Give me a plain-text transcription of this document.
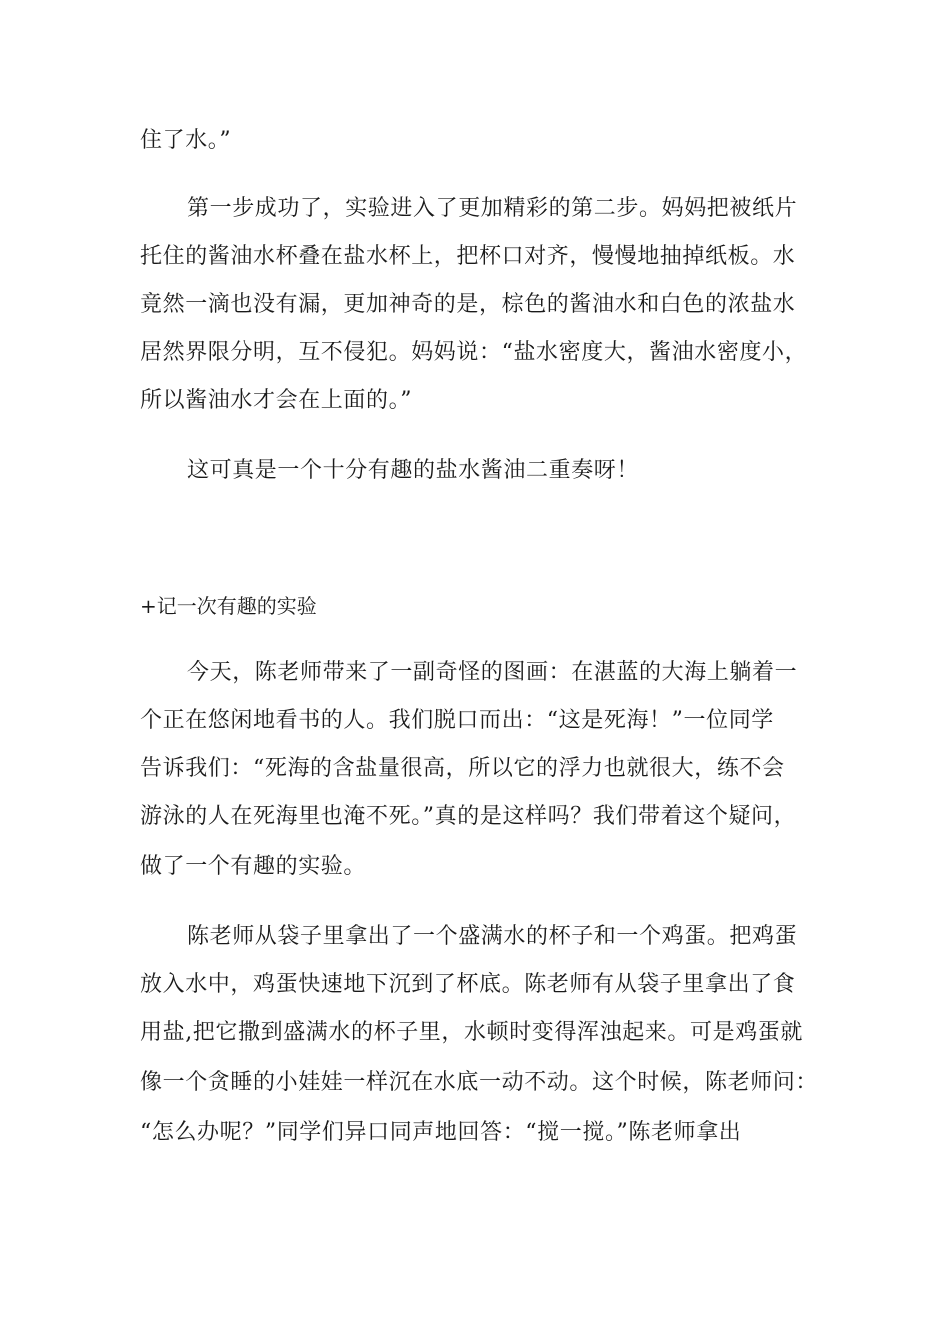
住了水。”
第一步成功了，实验进入了更加精彩的第二步。妈妈把被纸片
托住的酱油水杯叠在盐水杯上，把杯口对齐，慢慢地抽掉纸板。水
竟然一滴也没有漏，更加神奇的是，棕色的酱油水和白色的浓盐水
居然界限分明，互不侵犯。妈妈说：“盐水密度大，酱油水密度小，
所以酱油水才会在上面的。”
这可真是一个十分有趣的盐水酱油二重奏呀！
+记一次有趣的实验
今天，陈老师带来了一副奇怪的图画：在湛蓝的大海上躺着一
个正在悠闲地看书的人。我们脱口而出：“这是死海！”一位同学
告诉我们：“死海的含盐量很高，所以它的浮力也就很大，练不会
游泳的人在死海里也淹不死。”真的是这样吗？我们带着这个疑问，
做了一个有趣的实验。
陈老师从袋子里拿出了一个盛满水的杯子和一个鸡蛋。把鸡蛋
放入水中，鸡蛋快速地下沉到了杯底。陈老师有从袋子里拿出了食
用盐,把它撒到盛满水的杯子里，水顿时变得浑浊起来。可是鸡蛋就
像一个贪睡的小娃娃一样沉在水底一动不动。这个时候，陈老师问：
“怎么办呢？”同学们异口同声地回答：“搅一搅。”陈老师拿出
